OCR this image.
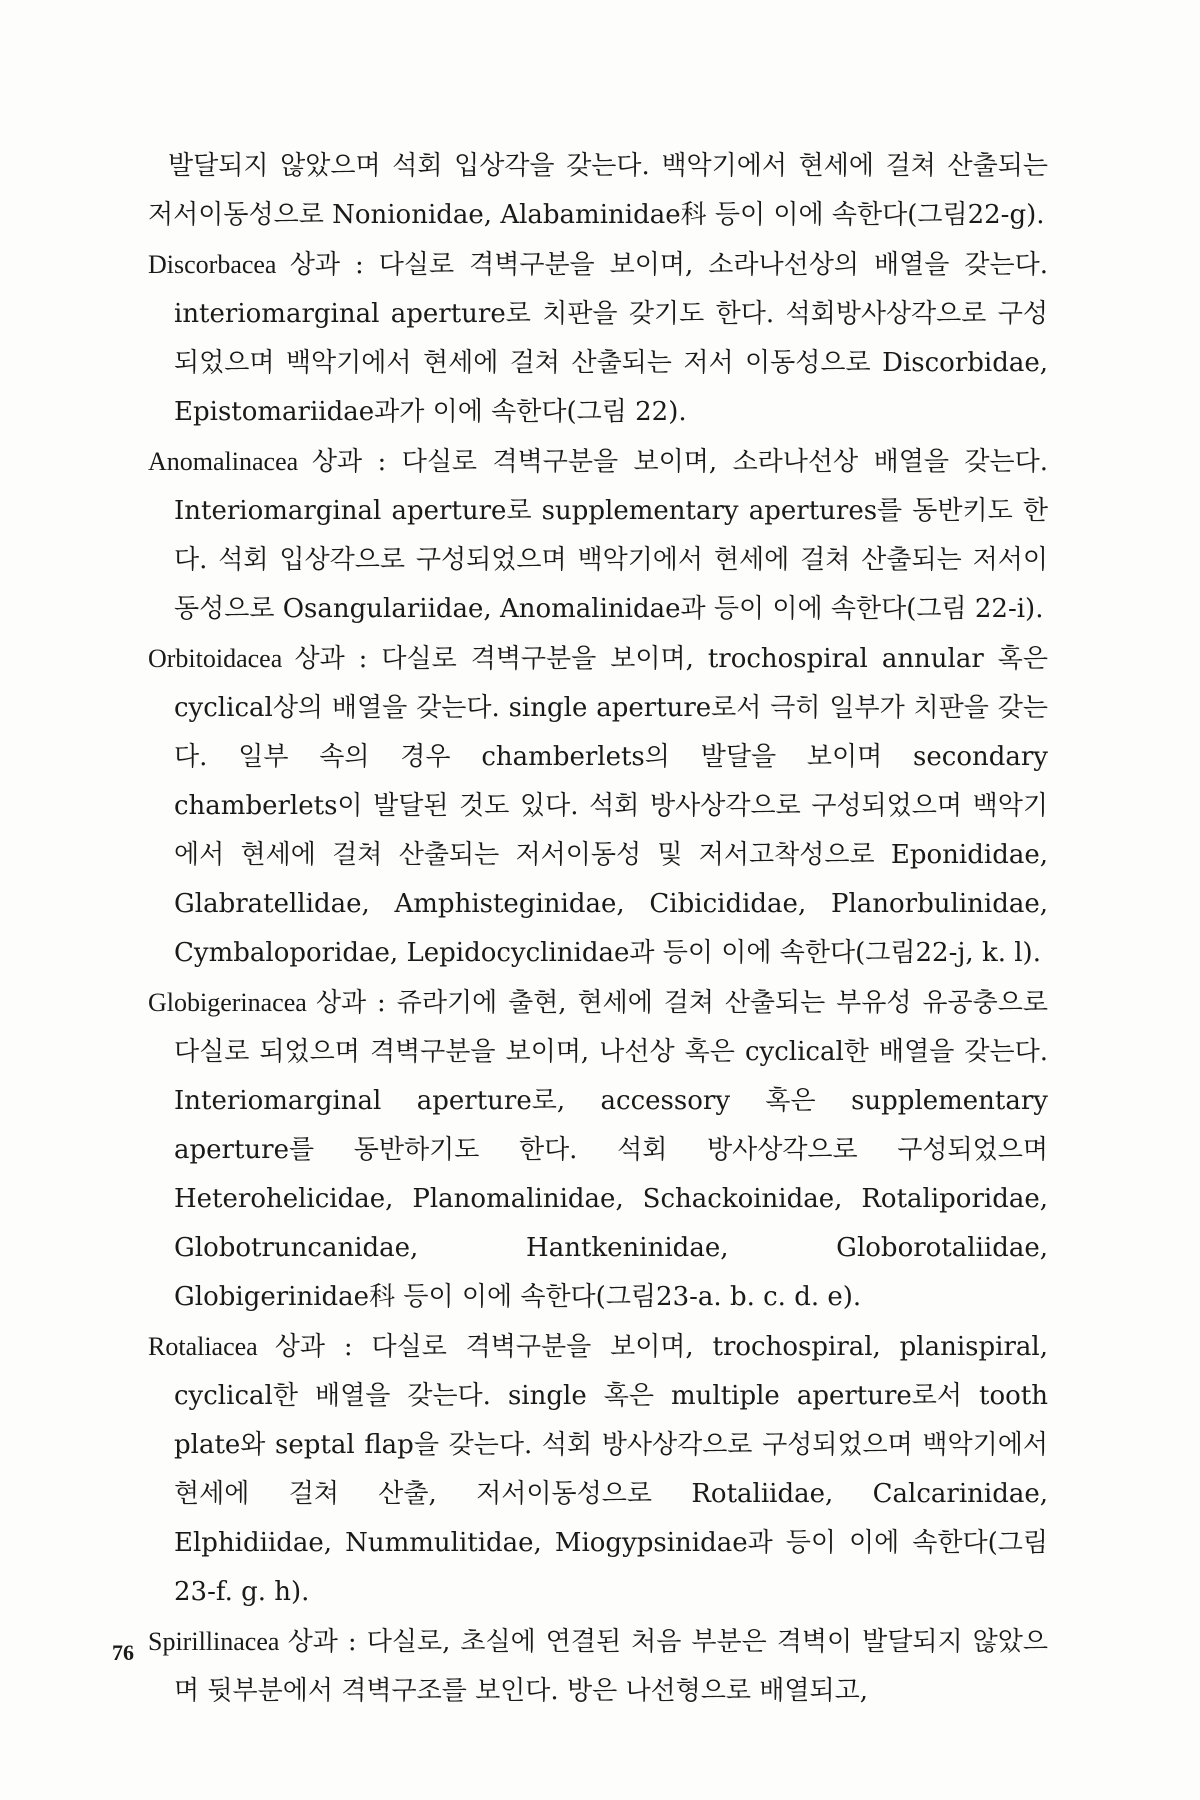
발달되지 않았으며 석회 입상각을 갖는다. 백악기에서 현세에 걸쳐 산출되는 저서이동성으로 Nonionidae, Alabaminidae科 등이 이에 속한다(그림22-g).

Discorbacea 상과 : 다실로 격벽구분을 보이며, 소라나선상의 배열을 갖는다. interiomarginal aperture로 치판을 갖기도 한다. 석회방사상각으로 구성되었으며 백악기에서 현세에 걸쳐 산출되는 저서 이동성으로 Discorbidae, Epistomariidae과가 이에 속한다(그림 22).

Anomalinacea 상과 : 다실로 격벽구분을 보이며, 소라나선상 배열을 갖는다. Interiomarginal aperture로 supplementary apertures를 동반키도 한다. 석회 입상각으로 구성되었으며 백악기에서 현세에 걸쳐 산출되는 저서이동성으로 Osangulariidae, Anomalinidae과 등이 이에 속한다(그림 22-i).

Orbitoidacea 상과 : 다실로 격벽구분을 보이며, trochospiral annular 혹은 cyclical상의 배열을 갖는다. single aperture로서 극히 일부가 치판을 갖는다. 일부 속의 경우 chamberlets의 발달을 보이며 secondary chamberlets이 발달된 것도 있다. 석회 방사상각으로 구성되었으며 백악기에서 현세에 걸쳐 산출되는 저서이동성 및 저서고착성으로 Eponididae, Glabratellidae, Amphisteginidae, Cibicididae, Planorbulinidae, Cymbaloporidae, Lepidocyclinidae과 등이 이에 속한다(그림22-j, k. l).

Globigerinacea 상과 : 쥬라기에 출현, 현세에 걸쳐 산출되는 부유성 유공충으로 다실로 되었으며 격벽구분을 보이며, 나선상 혹은 cyclical한 배열을 갖는다. Interiomarginal aperture로, accessory 혹은 supplementary aperture를 동반하기도 한다. 석회 방사상각으로 구성되었으며 Heterohelicidae, Planomalinidae, Schackoinidae, Rotaliporidae, Globotruncanidae, Hantkeninidae, Globorotaliidae, Globigerinidae科 등이 이에 속한다(그림23-a. b. c. d. e).

Rotaliacea 상과 : 다실로 격벽구분을 보이며, trochospiral, planispiral, cyclical한 배열을 갖는다. single 혹은 multiple aperture로서 tooth plate와 septal flap을 갖는다. 석회 방사상각으로 구성되었으며 백악기에서 현세에 걸쳐 산출, 저서이동성으로 Rotaliidae, Calcarinidae, Elphidiidae, Nummulitidae, Miogypsinidae과 등이 이에 속한다(그림23-f. g. h).

Spirillinacea 상과 : 다실로, 초실에 연결된 처음 부분은 격벽이 발달되지 않았으며 뒷부분에서 격벽구조를 보인다. 방은 나선형으로 배열되고,

76
